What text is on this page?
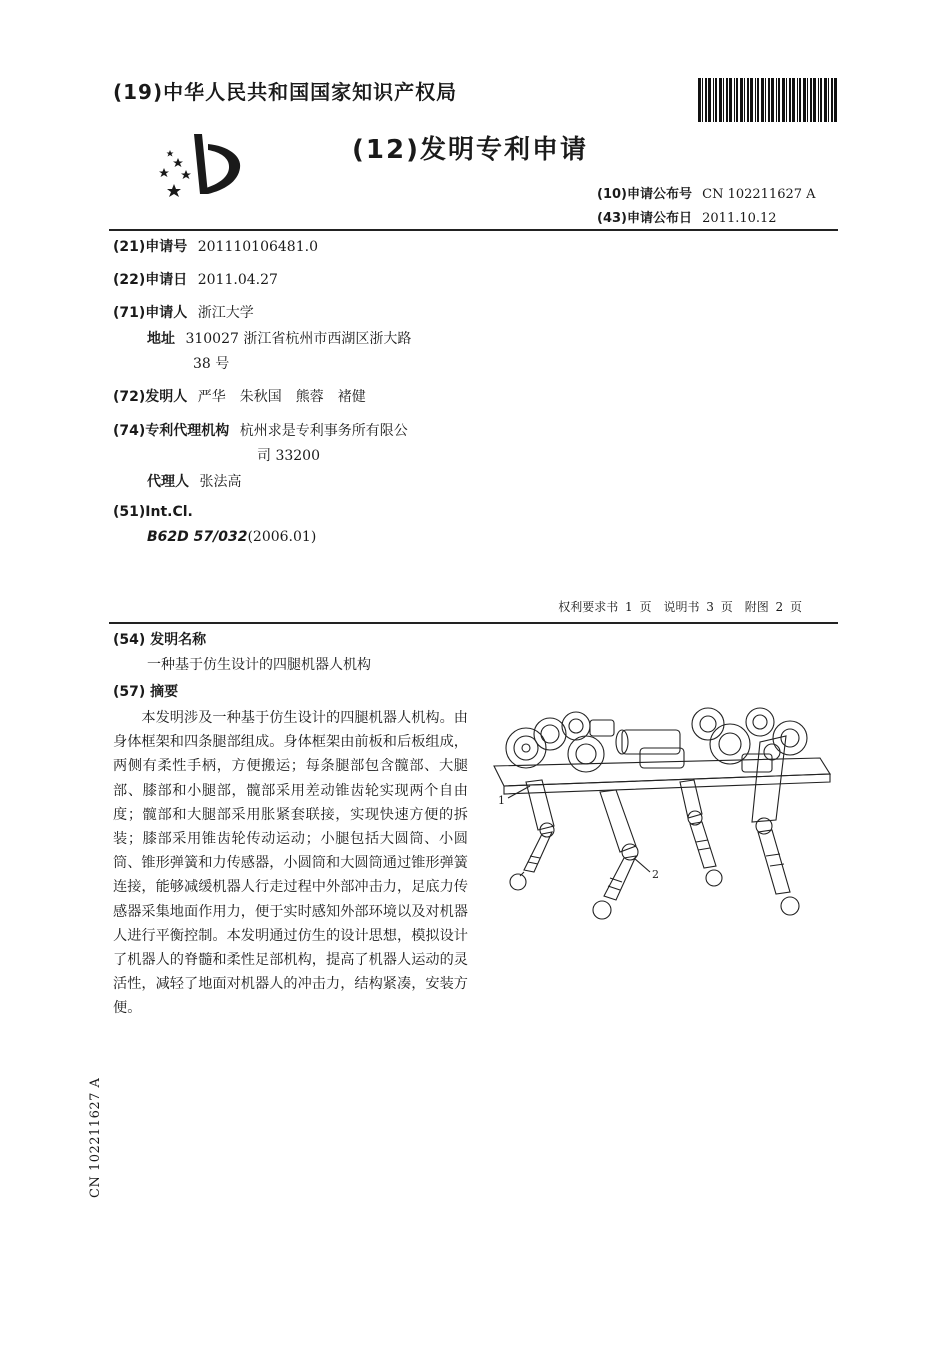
(19)中华人民共和国国家知识产权局
(12)发明专利申请
(10)申请公布号 CN 102211627 A
(43)申请公布日 2011.10.12
(21)申请号 201110106481.0
(22)申请日 2011.04.27
(71)申请人 浙江大学
地址 310027 浙江省杭州市西湖区浙大路
38 号
(72)发明人 严华　朱秋国　熊蓉　褚健
(74)专利代理机构 杭州求是专利事务所有限公
司 33200
代理人 张法高
(51)Int.Cl.
B62D 57/032(2006.01)
权利要求书 1 页　说明书 3 页　附图 2 页
(54) 发明名称
一种基于仿生设计的四腿机器人机构
(57) 摘要
本发明涉及一种基于仿生设计的四腿机器人机构。由身体框架和四条腿部组成。身体框架由前板和后板组成，两侧有柔性手柄，方便搬运；每条腿部包含髋部、大腿部、膝部和小腿部，髋部采用差动锥齿轮实现两个自由度；髋部和大腿部采用胀紧套联接，实现快速方便的拆装；膝部采用锥齿轮传动运动；小腿包括大圆筒、小圆筒、锥形弹簧和力传感器，小圆筒和大圆筒通过锥形弹簧连接，能够减缓机器人行走过程中外部冲击力，足底力传感器采集地面作用力，便于实时感知外部环境以及对机器人进行平衡控制。本发明通过仿生的设计思想，模拟设计了机器人的脊髓和柔性足部机构，提高了机器人运动的灵活性，减轻了地面对机器人的冲击力，结构紧凑，安装方便。
1
2
CN 102211627 A
